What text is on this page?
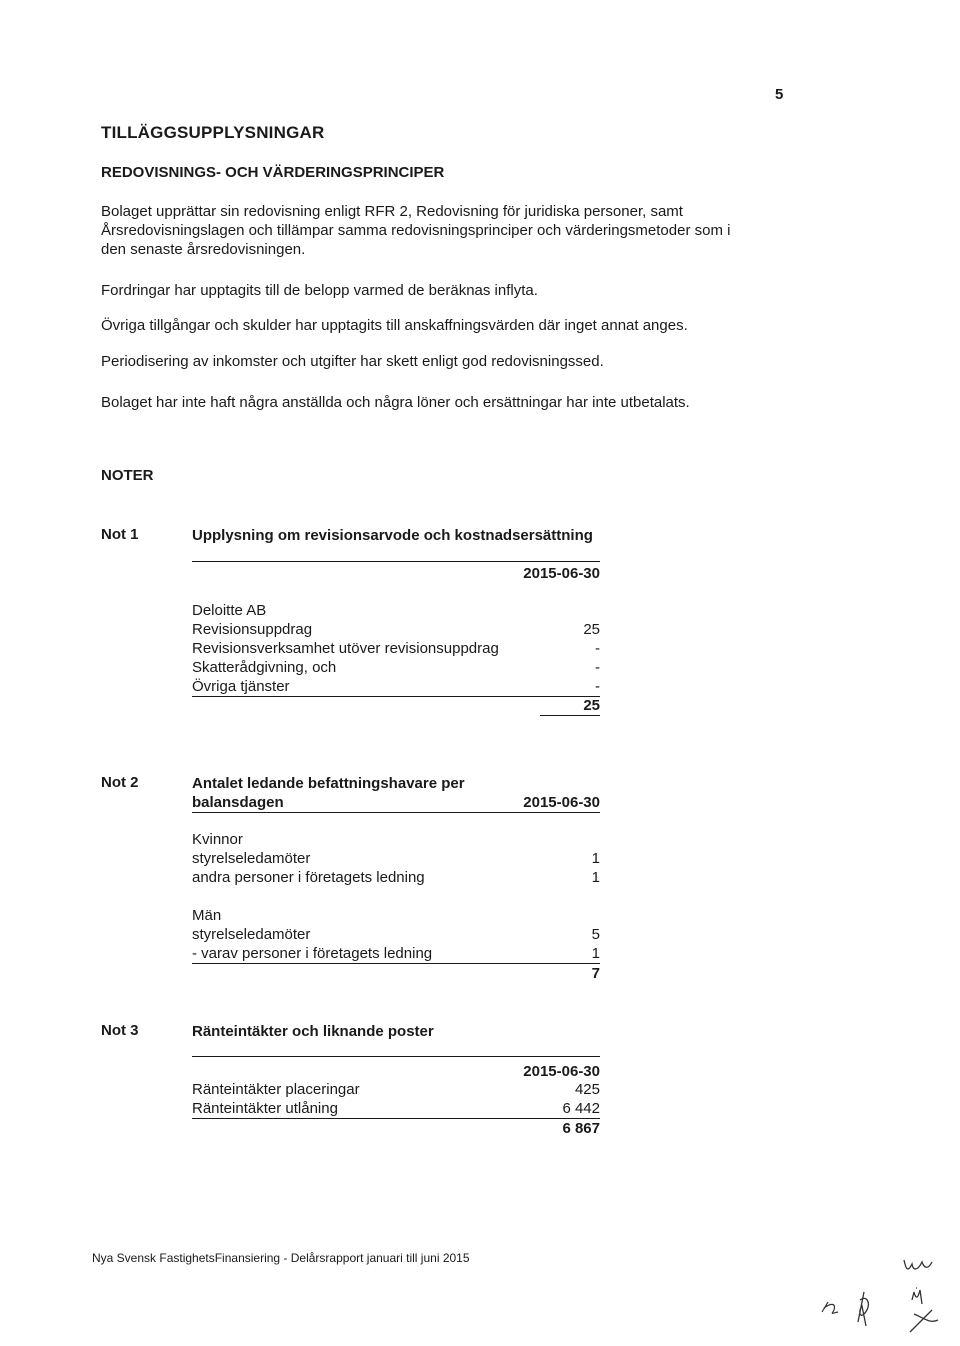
5
TILLÄGGSUPPLYSNINGAR
REDOVISNINGS- OCH VÄRDERINGSPRINCIPER
Bolaget upprättar sin redovisning enligt RFR 2, Redovisning för juridiska personer, samt Årsredovisningslagen och tillämpar samma redovisningsprinciper och värderingsmetoder som i den senaste årsredovisningen.
Fordringar har upptagits till de belopp varmed de beräknas inflyta.
Övriga tillgångar och skulder har upptagits till anskaffningsvärden där inget annat anges.
Periodisering av inkomster och utgifter har skett enligt god redovisningssed.
Bolaget har inte haft några anställda och några löner och ersättningar har inte utbetalats.
NOTER
Not 1	Upplysning om revisionsarvode och kostnadsersättning
2015-06-30
Deloitte AB
Revisionsuppdrag	25
Revisionsverksamhet utöver revisionsuppdrag	-
Skatterådgivning, och	-
Övriga tjänster	-
25
Not 2	Antalet ledande befattningshavare per
balansdagen	2015-06-30
Kvinnor
styrelseledamöter	1
andra personer i företagets ledning	1
Män
styrelseledamöter	5
- varav personer i företagets ledning	1
7
Not 3	Ränteintäkter och liknande poster
2015-06-30
Ränteintäkter placeringar	425
Ränteintäkter utlåning	6 442
6 867
Nya Svensk FastighetsFinansiering - Delårsrapport januari till juni 2015
